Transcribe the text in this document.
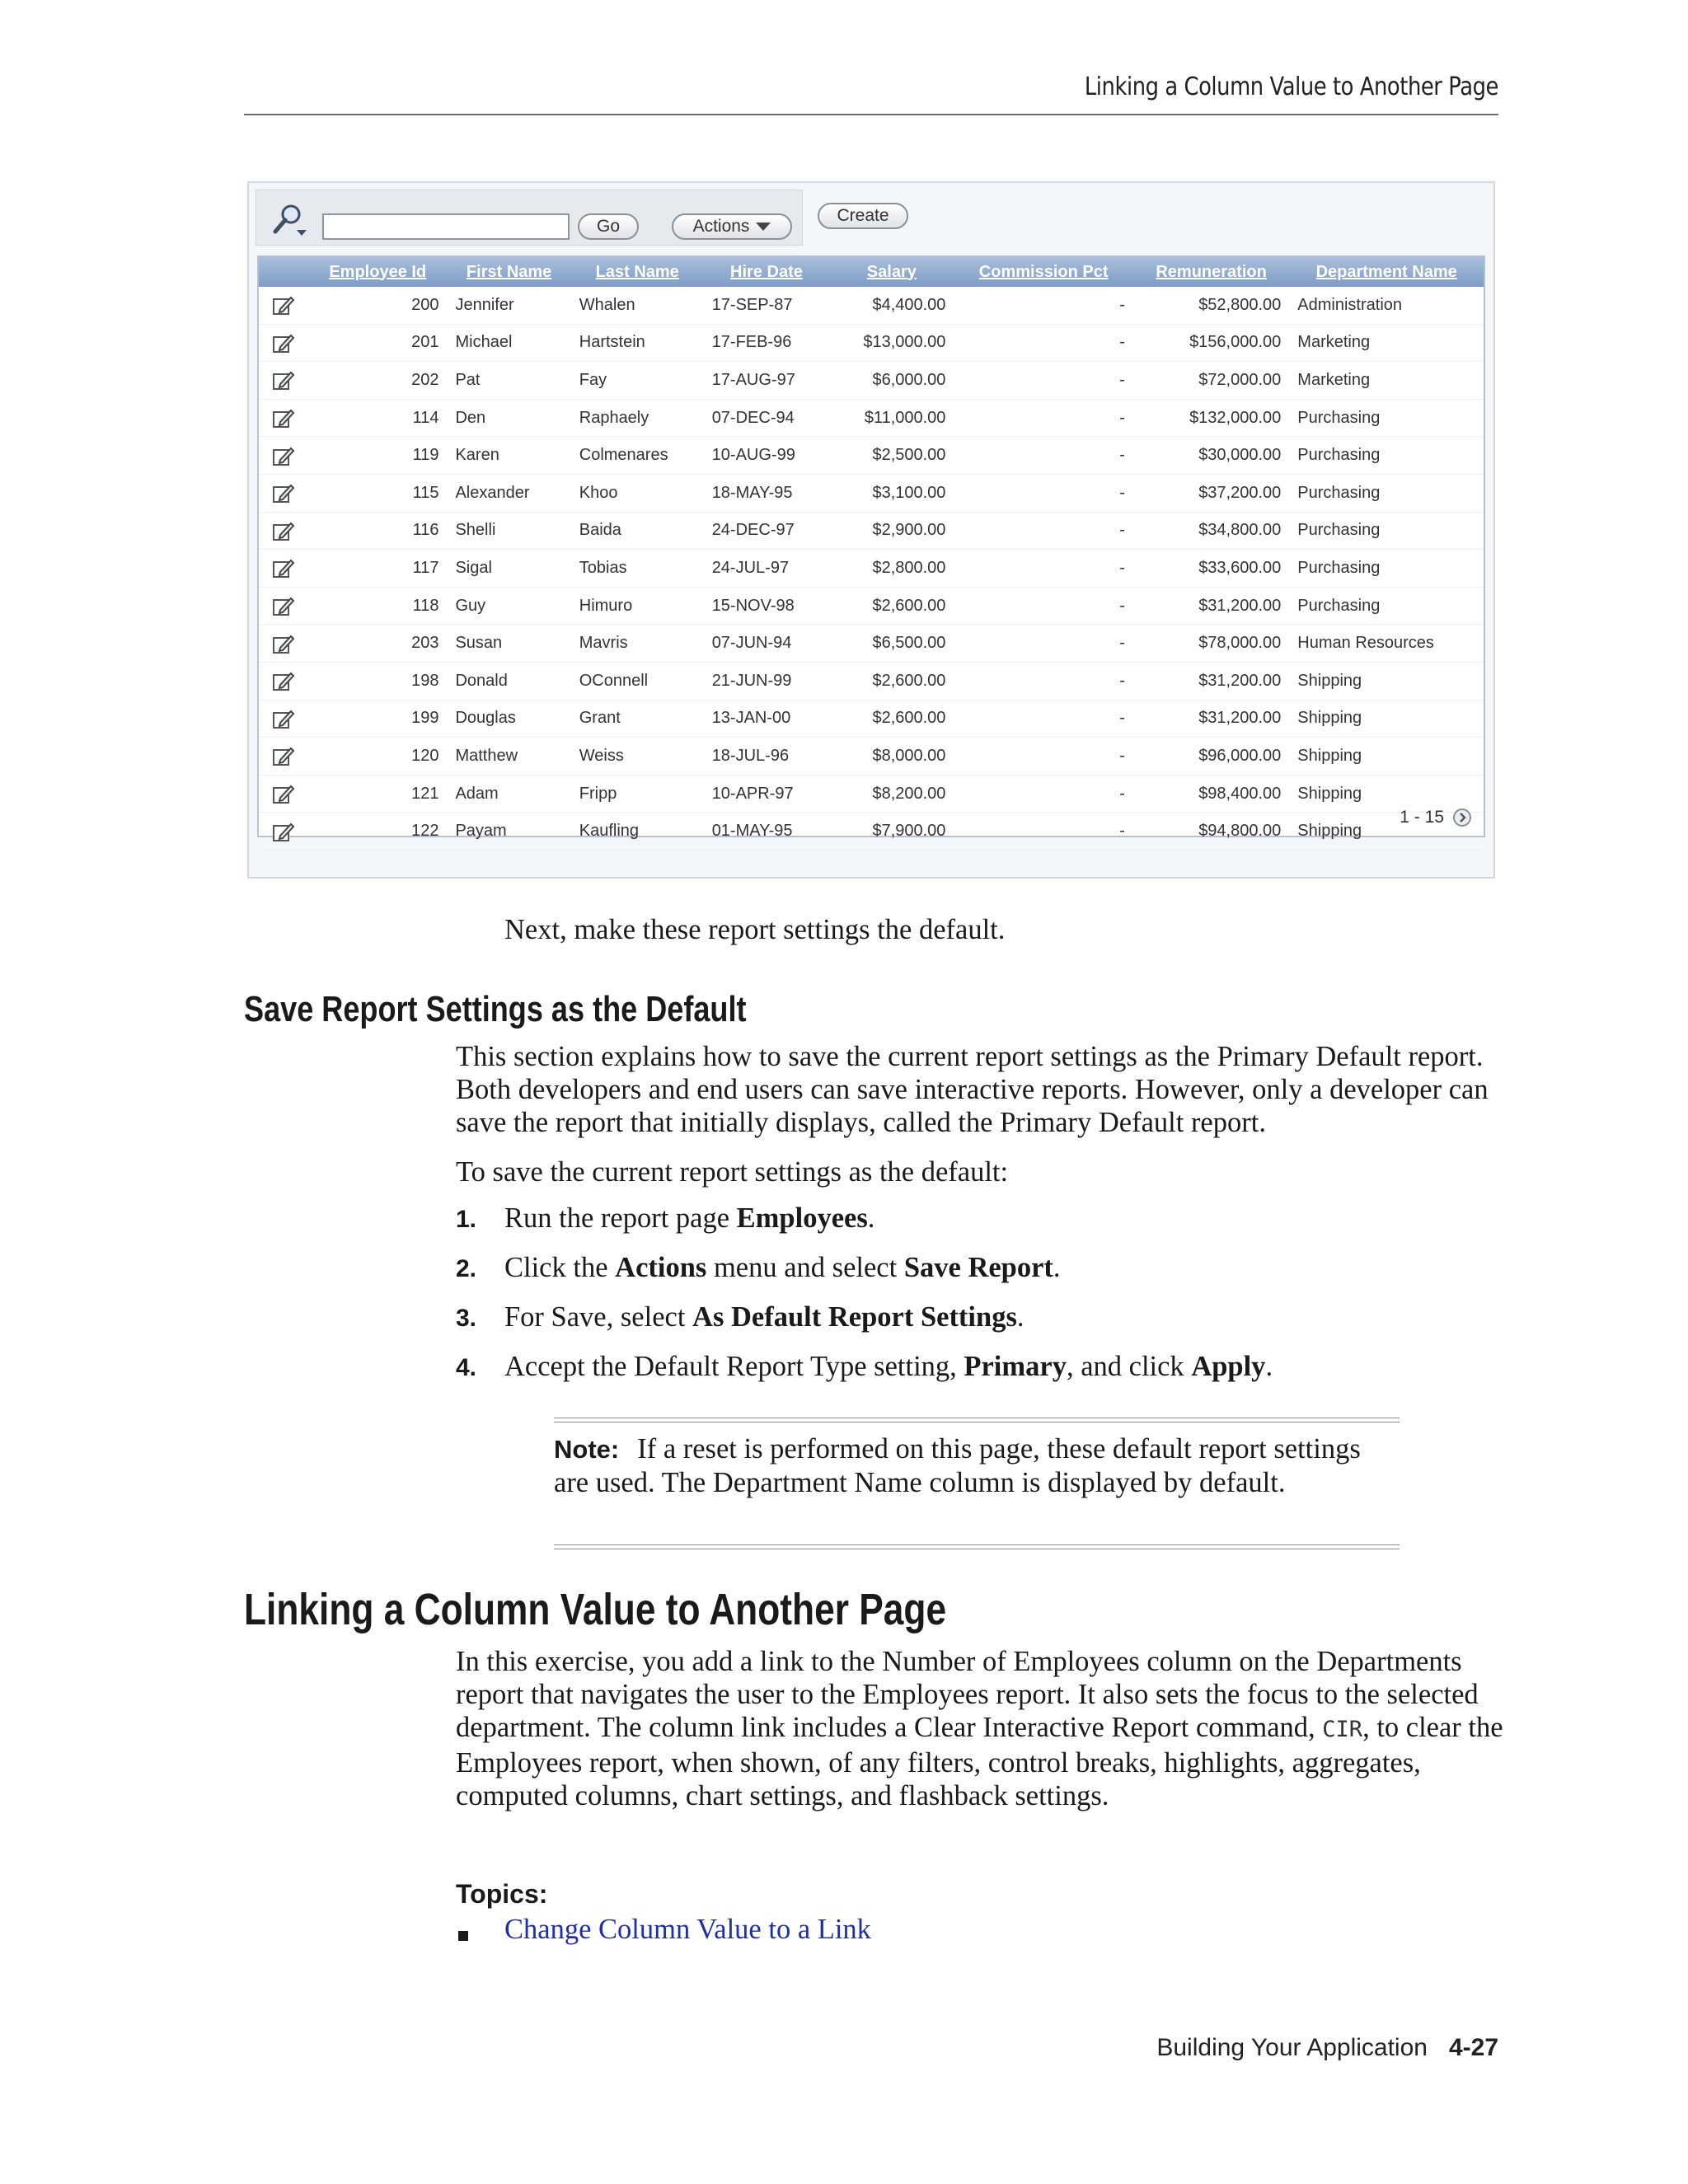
Linking a Column Value to Another Page
Go	Actions
Create
	Employee Id	First Name	Last Name	Hire Date	Salary	Commission Pct	Remuneration	Department Name
	200	Jennifer	Whalen	17-SEP-87	$4,400.00	-	$52,800.00	Administration
	201	Michael	Hartstein	17-FEB-96	$13,000.00	-	$156,000.00	Marketing
	202	Pat	Fay	17-AUG-97	$6,000.00	-	$72,000.00	Marketing
	114	Den	Raphaely	07-DEC-94	$11,000.00	-	$132,000.00	Purchasing
	119	Karen	Colmenares	10-AUG-99	$2,500.00	-	$30,000.00	Purchasing
	115	Alexander	Khoo	18-MAY-95	$3,100.00	-	$37,200.00	Purchasing
	116	Shelli	Baida	24-DEC-97	$2,900.00	-	$34,800.00	Purchasing
	117	Sigal	Tobias	24-JUL-97	$2,800.00	-	$33,600.00	Purchasing
	118	Guy	Himuro	15-NOV-98	$2,600.00	-	$31,200.00	Purchasing
	203	Susan	Mavris	07-JUN-94	$6,500.00	-	$78,000.00	Human Resources
	198	Donald	OConnell	21-JUN-99	$2,600.00	-	$31,200.00	Shipping
	199	Douglas	Grant	13-JAN-00	$2,600.00	-	$31,200.00	Shipping
	120	Matthew	Weiss	18-JUL-96	$8,000.00	-	$96,000.00	Shipping
	121	Adam	Fripp	10-APR-97	$8,200.00	-	$98,400.00	Shipping
	122	Payam	Kaufling	01-MAY-95	$7,900.00	-	$94,800.00	Shipping
1 - 15
Next, make these report settings the default.
Save Report Settings as the Default
This section explains how to save the current report settings as the Primary Default report. Both developers and end users can save interactive reports. However, only a developer can save the report that initially displays, called the Primary Default report.
To save the current report settings as the default:
1. Run the report page Employees.
2. Click the Actions menu and select Save Report.
3. For Save, select As Default Report Settings.
4. Accept the Default Report Type setting, Primary, and click Apply.
Note: If a reset is performed on this page, these default report settings are used. The Department Name column is displayed by default.
Linking a Column Value to Another Page
In this exercise, you add a link to the Number of Employees column on the Departments report that navigates the user to the Employees report. It also sets the focus to the selected department. The column link includes a Clear Interactive Report command, CIR, to clear the Employees report, when shown, of any filters, control breaks, highlights, aggregates, computed columns, chart settings, and flashback settings.
Topics:
Change Column Value to a Link
Building Your Application 4-27
